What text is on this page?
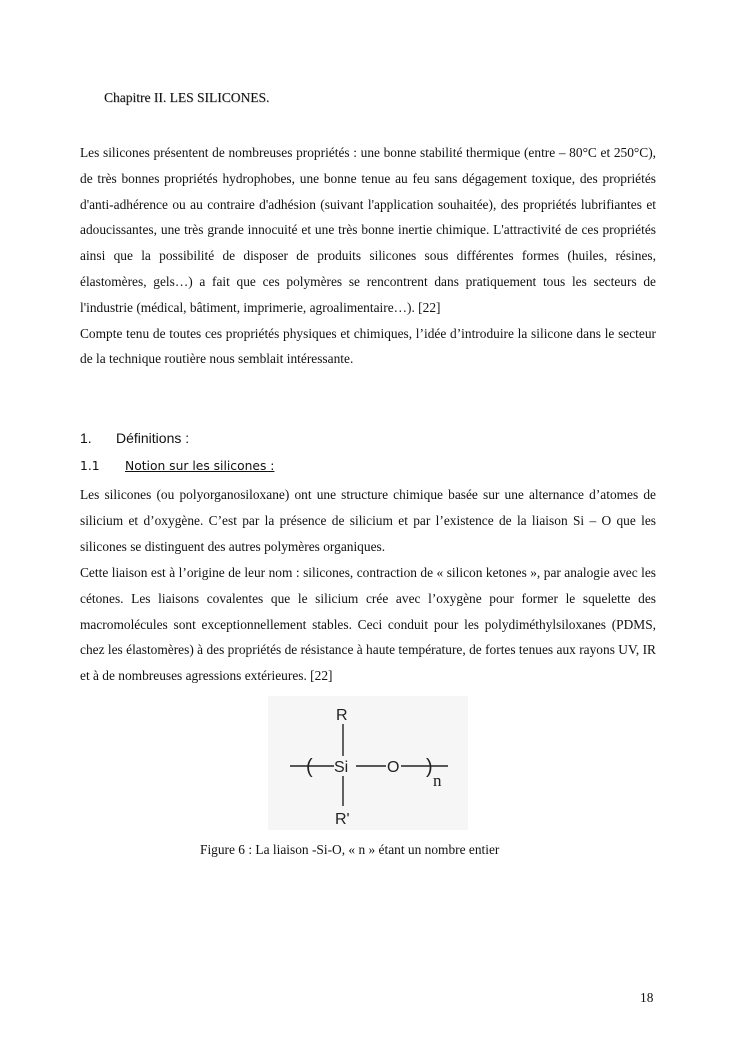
Chapitre II. LES SILICONES.

Les silicones présentent de nombreuses propriétés : une bonne stabilité thermique (entre – 80°C et 250°C), de très bonnes propriétés hydrophobes, une bonne tenue au feu sans dégagement toxique, des propriétés d'anti-adhérence ou au contraire d'adhésion (suivant l'application souhaitée), des propriétés lubrifiantes et adoucissantes, une très grande innocuité et une très bonne inertie chimique. L'attractivité de ces propriétés ainsi que la possibilité de disposer de produits silicones sous différentes formes (huiles, résines, élastomères, gels…) a fait que ces polymères se rencontrent dans pratiquement tous les secteurs de l'industrie (médical, bâtiment, imprimerie, agroalimentaire…). [22]

Compte tenu de toutes ces propriétés physiques et chimiques, l’idée d’introduire la silicone dans le secteur de la technique routière nous semblait intéressante.

1. Définitions :
1.1 Notion sur les silicones :

Les silicones (ou polyorganosiloxane) ont une structure chimique basée sur une alternance d’atomes de silicium et d’oxygène. C’est par la présence de silicium et par l’existence de la liaison Si – O que les silicones se distinguent des autres polymères organiques.

Cette liaison est à l’origine de leur nom : silicones, contraction de « silicon ketones », par analogie avec les cétones. Les liaisons covalentes que le silicium crée avec l’oxygène pour former le squelette des macromolécules sont exceptionnellement stables. Ceci conduit pour les polydiméthylsiloxanes (PDMS, chez les élastomères) à des propriétés de résistance à haute température, de fortes tenues aux rayons UV, IR et à de nombreuses agressions extérieures. [22]

R
( Si O )
n
R'
Figure 6 : La liaison -Si-O, « n » étant un nombre entier
18
